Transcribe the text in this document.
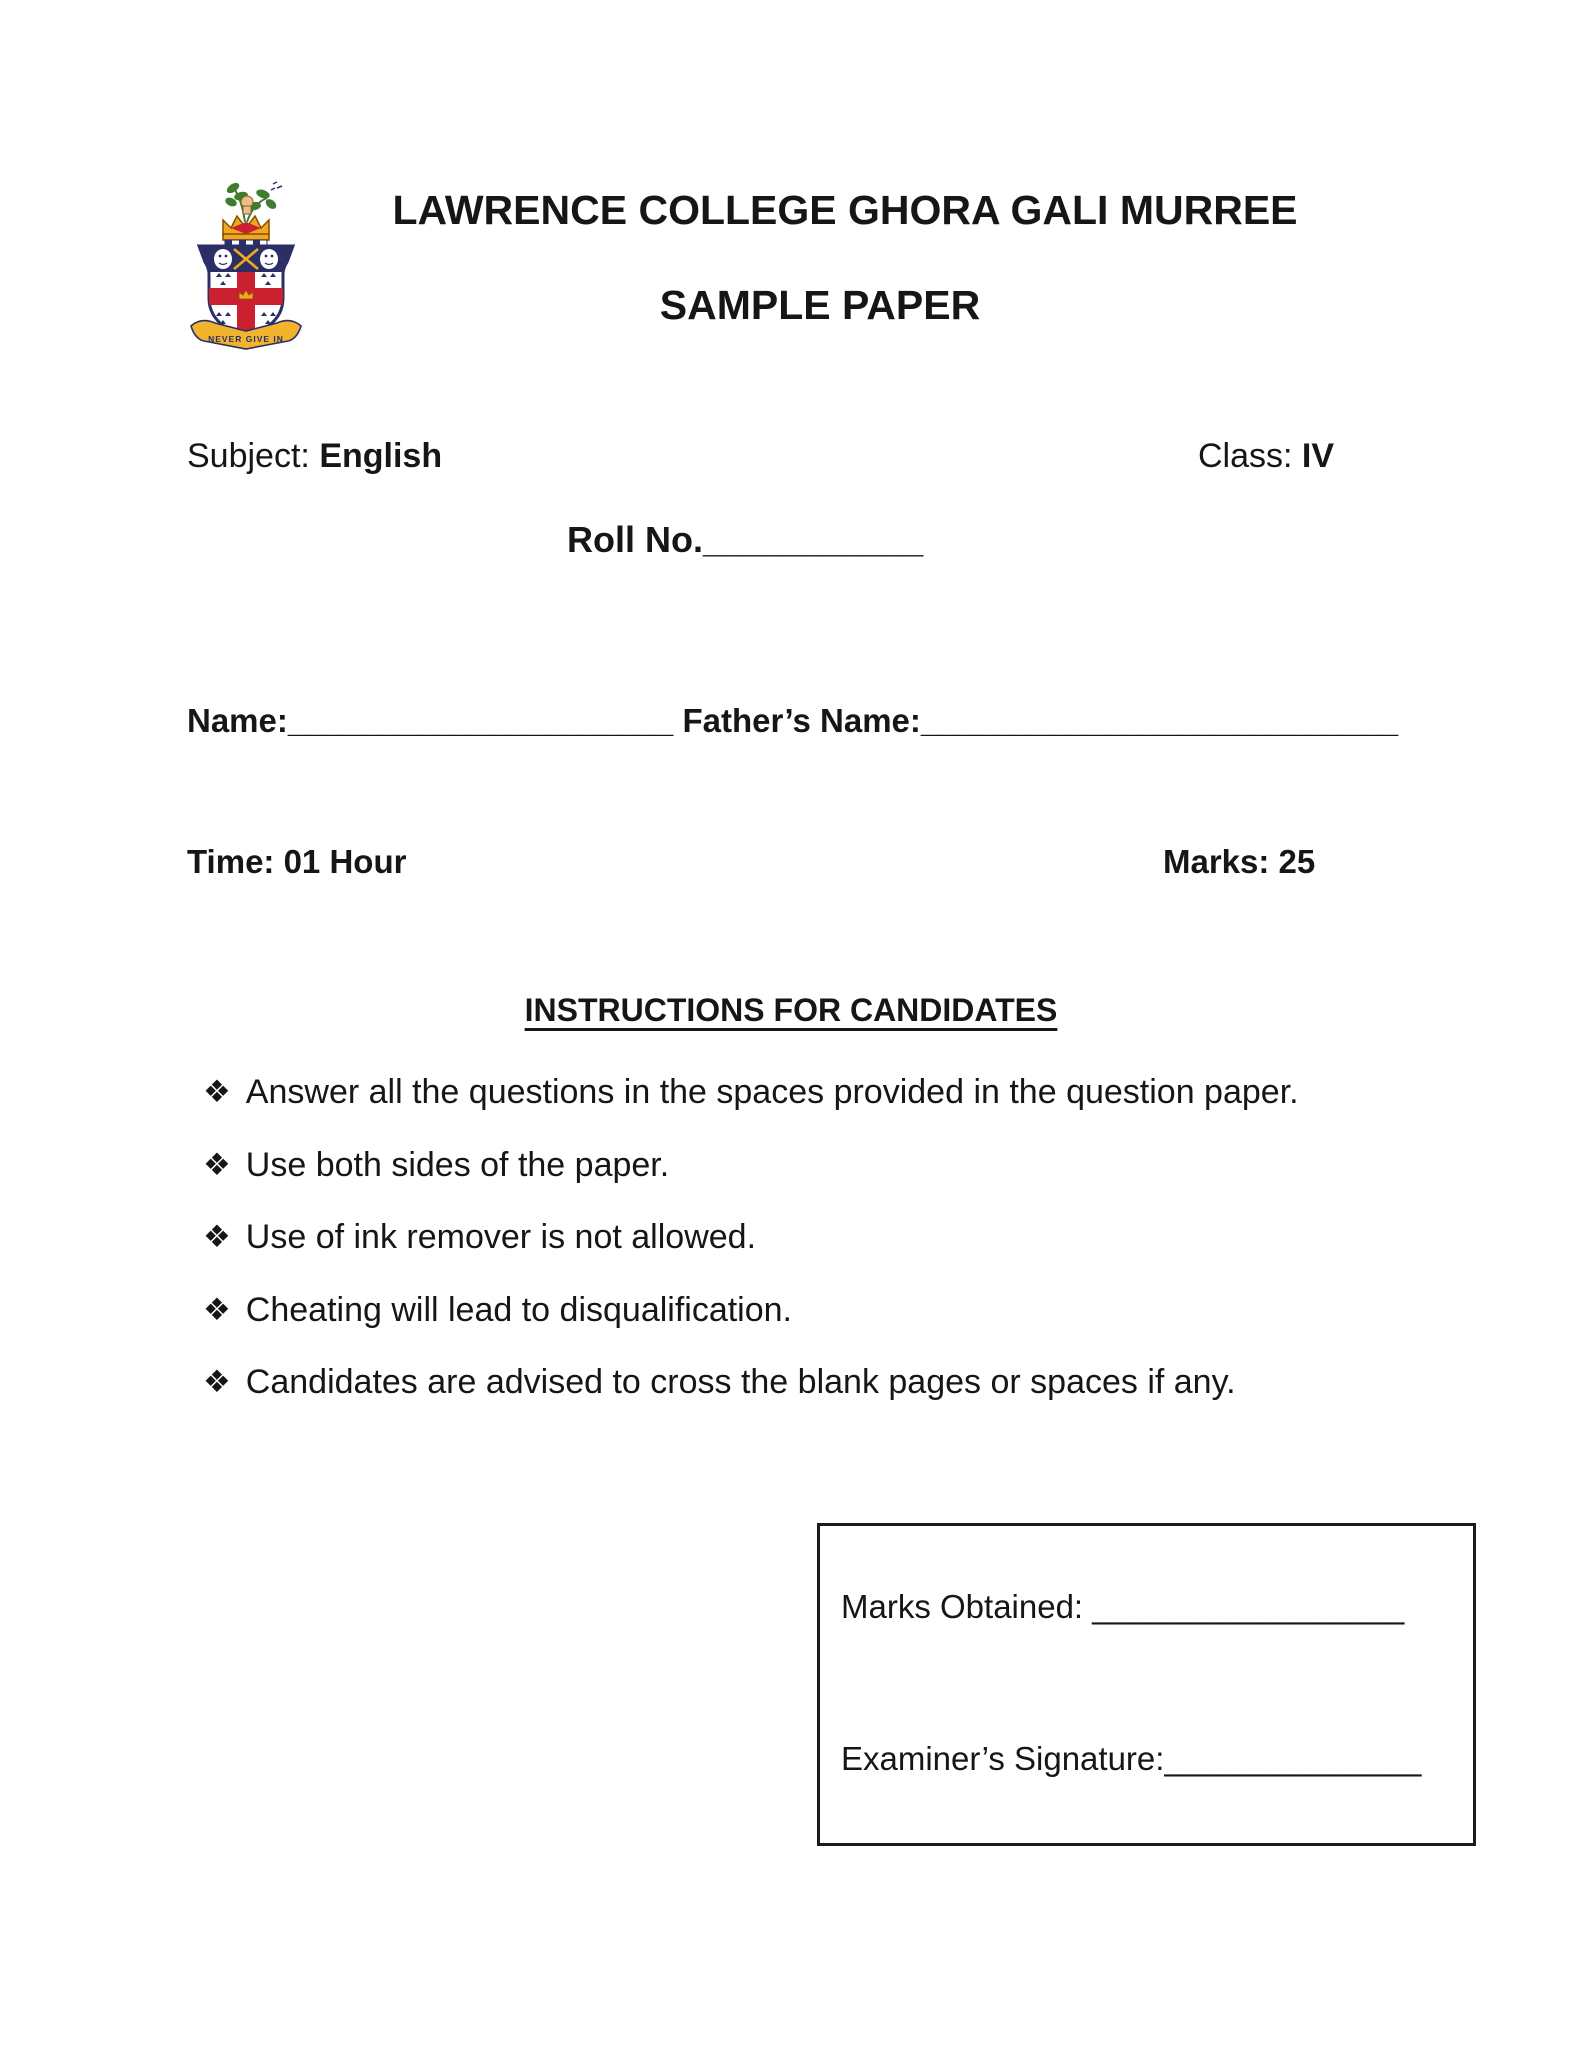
NEVER GIVE IN
LAWRENCE COLLEGE GHORA GALI MURREE
SAMPLE PAPER
Subject: English	Class: IV
Roll No.___________
Name:_____________________ Father’s Name:__________________________
Time: 01 Hour	Marks: 25
INSTRUCTIONS FOR CANDIDATES
❖ Answer all the questions in the spaces provided in the question paper.
❖ Use both sides of the paper.
❖ Use of ink remover is not allowed.
❖ Cheating will lead to disqualification.
❖ Candidates are advised to cross the blank pages or spaces if any.
Marks Obtained: _________________
Examiner’s Signature:______________
